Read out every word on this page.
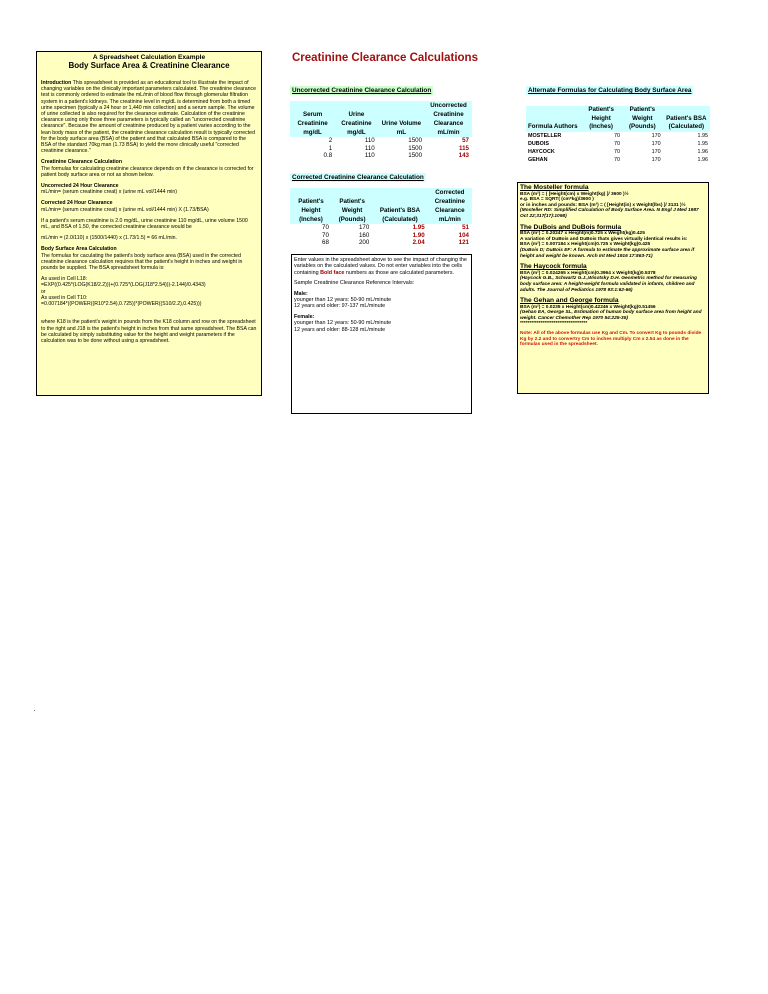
A Spreadsheet Calculation Example
Body Surface Area & Creatinine Clearance

Introduction This spreadsheet is provided as an educational tool to illustrate the impact of changing variables on the clinically important parameters calculated. The creatinine clearance test is commonly ordered to estimate the mL/min of blood flow through glomerular filtration system in a patient's kidneys. The creatinine level in mg/dL is determined from both a timed urine specimen (typically a 24 hour or 1,440 min collection) and a serum sample. The volume of urine collected is also required for the clearance estimate. Calculation of the creatinine clearance using only those three parameters is typically called an "uncorrected creatinine clearance". Because the amount of creatinine produced by a patient varies according to the lean body mass of the patient, the creatinine clearance calculation result is typically corrected for the body surface area (BSA) of the patient and that calculated BSA is compared to the BSA of the standard 70kg man (1.73 BSA) to yield the more clinically useful "corrected creatinine clearance."

Creatinine Clearance Calculation
The formulas for calculating creatinine clearance depends on if the clearance is corrected for patient body surface area or not as shown below.

Uncorrected 24 Hour Clearance
mL/min= (serum creatinine creat) x (urine mL vol/1444 min)

Corrected 24 Hour Clearance
mL/min= (serum creatinine creat) x (urine mL vol/1444 min) X (1.73/BSA)

If a patient's serum creatinine is 2.0 mg/dL, urine creatinine 110 mg/dL, urine volume 1500 mL, and BSA of 1.50, the corrected creatinine clearance would be

mL/min = (2.0/110) x (1500/1440) x (1.73/1.5) = 66 mL/min.

Body Surface Area Calculation
The formulas for caculating the patient's body surface area (BSA) used in the corrected creatinine clearance calculation requires that the patient's height in inches and weight in pounds be supplied. The BSA spreadsheet formula is:

As used in Cell L18:
=EXP((0.425*(LOG(K18/2.2)))+(0.725*(LOG(J18*2.54)))-2.144)/0.4343)
or
As used in Cell T10:
=0.007184*((POWER((R10*2.54),0.725))*(POWER((S10/2.2),0.425)))

where K18 is the patient's weight in pounds from the K18 column and row on the spreadsheet to the right and J18 is the patient's height in inches from that same spreadsheet. The BSA can be calculated by simply substituting value for the height and weight parameters if the calculation was to be done without using a spreadsheet.

Creatinine Clearance Calculations
Uncorrected Creatinine Clearance Calculation
Serum Creatinine mg/dL	Urine Creatinine mg/dL	Urine Volume mL	Uncorrected Creatinine Clearance mL/min
2	110	1500	57
1	110	1500	115
0.8	110	1500	143
Corrected Creatinine Clearance Calculation
Patient's Height (Inches)	Patient's Weight (Pounds)	Patient's BSA (Calculated)	Corrected Creatinine Clearance mL/min
70	170	1.95	51
70	160	1.90	104
68	200	2.04	121

Enter values in the spreadsheet above to see the impact of changing the variables on the calculated values. Do not enter variables into the cells containing Bold face numbers as those are calculated parameters.

Sample Creatinine Clearance Reference Intervals:

Male:
younger than 12 years: 50-90 mL/minute
12 years and older: 97-137 mL/minute

Female:
younger than 12 years: 50-90 mL/minute
12 years and older: 88-128 mL/minute

Alternate Formulas for Calculating Body Surface Area
Formula Authors	Patient's Height (Inches)	Patient's Weight (Pounds)	Patient's BSA (Calculated)
MOSTELLER	70	170	1.95
DUBOIS	70	170	1.95
HAYCOCK	70	170	1.96
GEHAN	70	170	1.96
The Mosteller formula
BSA (m²) = ( [Height(cm) x Weight(kg) ]/ 3600 )½
e.g. BSA = SQRT( (cm*kg)/3600 )
or in inches and pounds: BSA (m²) = ( [Height(in) x Weight(lbs) ]/ 3131 )½
(Mosteller RD: Simplified Calculation of Body Surface Area. N Engl J Med 1987 Oct 22;317(17):1098)
The DuBois and DuBois formula
BSA (m²) = 0.20247 x Height(m)0.725 x Weight(kg)0.425
A variation of DuBois and DuBois thats gives virtually identical results is:
BSA (m²) = 0.007184 x Height(cm)0.725 x Weight(kg)0.425
(DuBois D; DuBois EF: A formula to estimate the approximate surface area if height and weight be known. Arch Int Med 1916 17:863-71)
The Haycock formula
BSA (m²) = 0.024265 x Height(cm)0.3964 x Weight(kg)0.5378
(Haycock G.B., Schwartz G.J.,Wisotsky D.H. Geometric method for measuring body surface area: A height-weight formula validated in infants, children and adults. The Journal of Pediatrics 1978 93:1:62-66)
The Gehan and George formula
BSA (m²) = 0.0235 x Height(cm)0.42246 x Weight(kg)0.51456
(Gehan EA, George SL, Estimation of human body surface area from height and weight. Cancer Chemother Rep 1970 54:225-35)
************************************
Note: All of the above formulas use Kg and Cm. To convert Kg to pounds divide Kg by 2.2 and to convertry Cm to inches multiply Cm x 2.54 as done in the formulas used in the spreadsheet.
